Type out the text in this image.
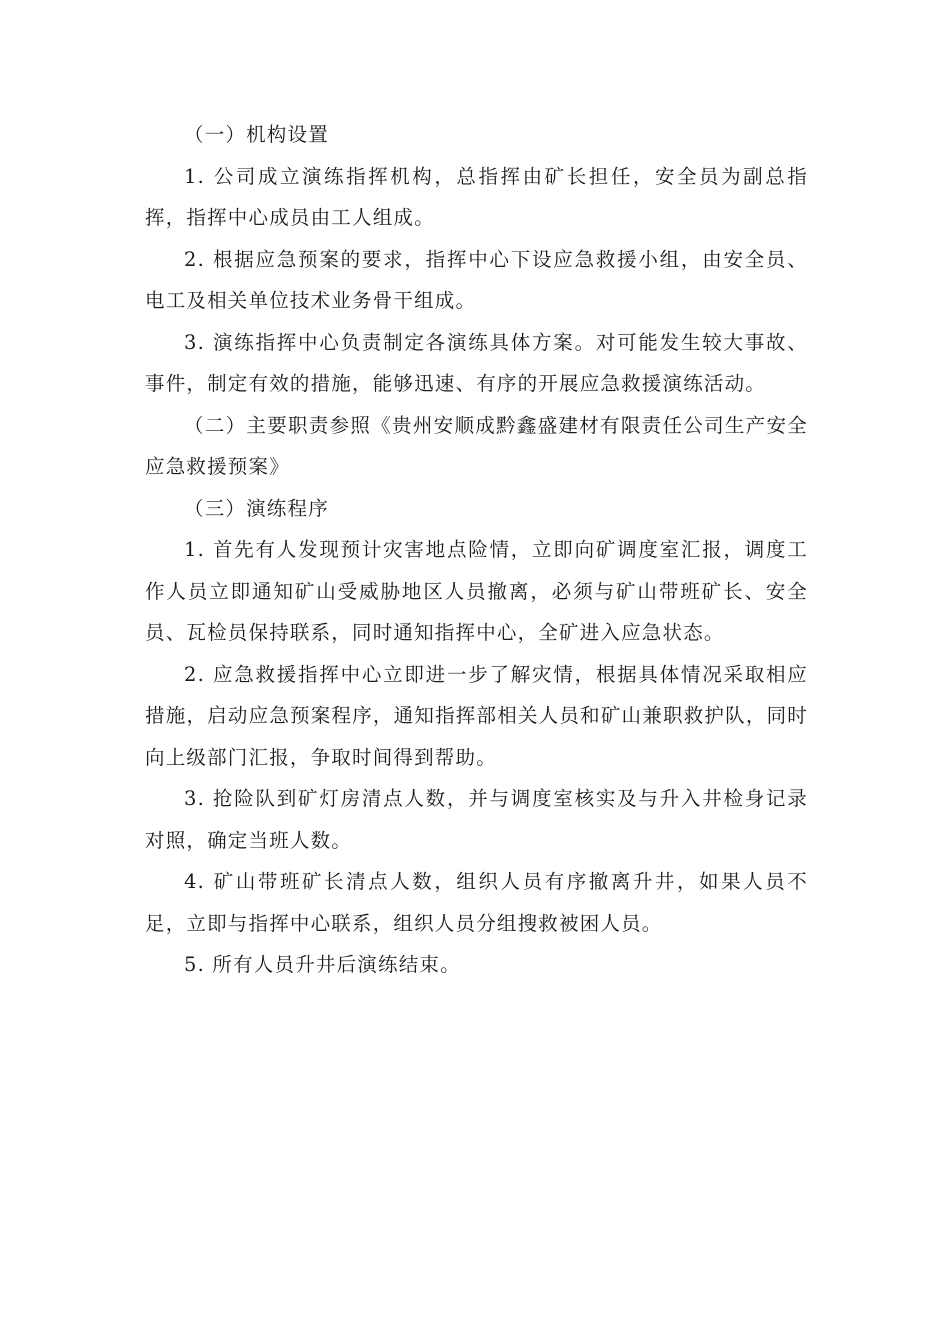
（一）机构设置

1. 公司成立演练指挥机构，总指挥由矿长担任，安全员为副总指挥，指挥中心成员由工人组成。

2. 根据应急预案的要求，指挥中心下设应急救援小组，由安全员、电工及相关单位技术业务骨干组成。

3. 演练指挥中心负责制定各演练具体方案。对可能发生较大事故、事件，制定有效的措施，能够迅速、有序的开展应急救援演练活动。

（二）主要职责参照《贵州安顺成黔鑫盛建材有限责任公司生产安全应急救援预案》

（三）演练程序

1. 首先有人发现预计灾害地点险情，立即向矿调度室汇报，调度工作人员立即通知矿山受威胁地区人员撤离，必须与矿山带班矿长、安全员、瓦检员保持联系，同时通知指挥中心，全矿进入应急状态。

2. 应急救援指挥中心立即进一步了解灾情，根据具体情况采取相应措施，启动应急预案程序，通知指挥部相关人员和矿山兼职救护队，同时向上级部门汇报，争取时间得到帮助。

3. 抢险队到矿灯房清点人数，并与调度室核实及与升入井检身记录对照，确定当班人数。

4. 矿山带班矿长清点人数，组织人员有序撤离升井，如果人员不足，立即与指挥中心联系，组织人员分组搜救被困人员。

5. 所有人员升井后演练结束。
